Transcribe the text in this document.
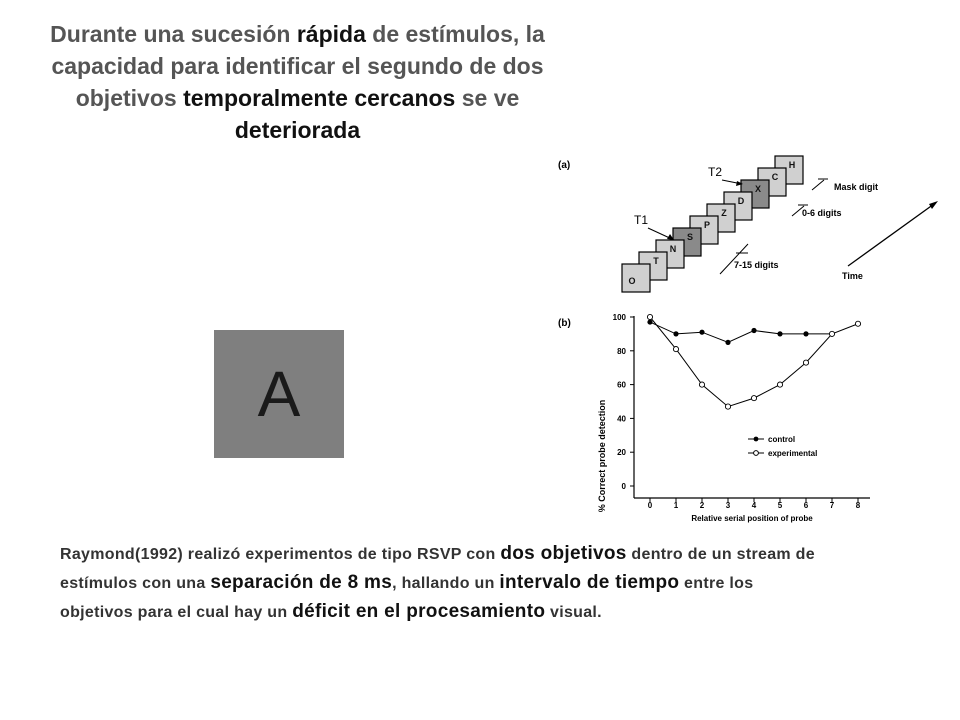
Durante una sucesión rápida de estímulos, la capacidad para identificar el segundo de dos objetivos temporalmente cercanos se ve deteriorada
A
(a)	H
C
X
D
Z
P
S
N
T
O
T1
T2
7-15 digits
0-6 digits
Mask digit
Time
(b)
0
20
40
60
80
100
0	1	2	3	4	5	6	7	8
control
experimental
% Correct probe detection
Relative serial position of probe

Raymond(1992) realizó experimentos de tipo RSVP con dos objetivos dentro de un stream de estímulos con una separación de 8 ms, hallando un intervalo de tiempo entre los objetivos para el cual hay un déficit en el procesamiento visual.
